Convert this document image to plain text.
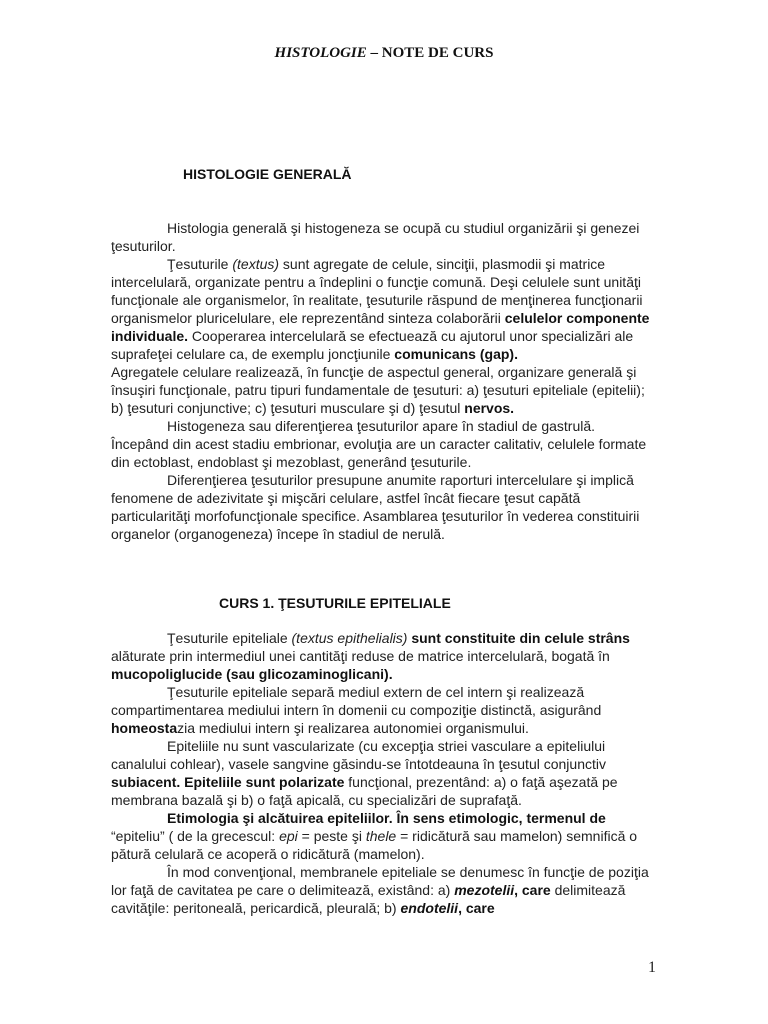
HISTOLOGIE – NOTE DE CURS
HISTOLOGIE GENERALĂ

Histologia generală şi histogeneza se ocupă cu studiul organizării şi genezei ţesuturilor.

Ţesuturile (textus) sunt agregate de celule, sinciţii, plasmodii şi matrice intercelulară, organizate pentru a îndeplini o funcţie comună. Deşi celulele sunt unităţi funcţionale ale organismelor, în realitate, ţesuturile răspund de menţinerea funcţionarii organismelor pluricelulare, ele reprezentând sinteza colaborării celulelor componente individuale. Cooperarea intercelulară se efectuează cu ajutorul unor specializări ale suprafeţei celulare ca, de exemplu joncţiunile comunicans (gap).

Agregatele celulare realizează, în funcţie de aspectul general, organizare generală şi însuşiri funcţionale, patru tipuri fundamentale de ţesuturi: a) ţesuturi epiteliale (epitelii); b) ţesuturi conjunctive; c) ţesuturi musculare şi d) ţesutul nervos.

Histogeneza sau diferenţierea ţesuturilor apare în stadiul de gastrulă. Începând din acest stadiu embrionar, evoluţia are un caracter calitativ, celulele formate din ectoblast, endoblast şi mezoblast, generând ţesuturile.

Diferenţierea ţesuturilor presupune anumite raporturi intercelulare şi implică fenomene de adezivitate şi mişcări celulare, astfel încât fiecare ţesut capătă particularităţi morfofuncţionale specifice. Asamblarea ţesuturilor în vederea constituirii organelor (organogeneza) începe în stadiul de nerulă.

CURS 1. ŢESUTURILE EPITELIALE

Ţesuturile epiteliale (textus epithelialis) sunt constituite din celule strâns alăturate prin intermediul unei cantităţi reduse de matrice intercelulară, bogată în mucopoliglucide (sau glicozaminoglicani).

Ţesuturile epiteliale separă mediul extern de cel intern şi realizează compartimentarea mediului intern în domenii cu compoziţie distinctă, asigurând homeostazia mediului intern şi realizarea autonomiei organismului.

Epiteliile nu sunt vascularizate (cu excepţia striei vasculare a epiteliului canalului cohlear), vasele sangvine găsindu-se întotdeauna în ţesutul conjunctiv subiacent. Epiteliile sunt polarizate funcţional, prezentând: a) o faţă aşezată pe membrana bazală şi b) o faţă apicală, cu specializări de suprafaţă.

Etimologia şi alcătuirea epiteliilor. În sens etimologic, termenul de “epiteliu” ( de la grecescul: epi = peste şi thele = ridicătură sau mamelon) semnifică o pătură celulară ce acoperă o ridicătură (mamelon).

În mod convenţional, membranele epiteliale se denumesc în funcţie de poziţia lor faţă de cavitatea pe care o delimitează, existând: a) mezotelii, care delimitează cavităţile: peritoneală, pericardică, pleurală; b) endotelii, care

1
